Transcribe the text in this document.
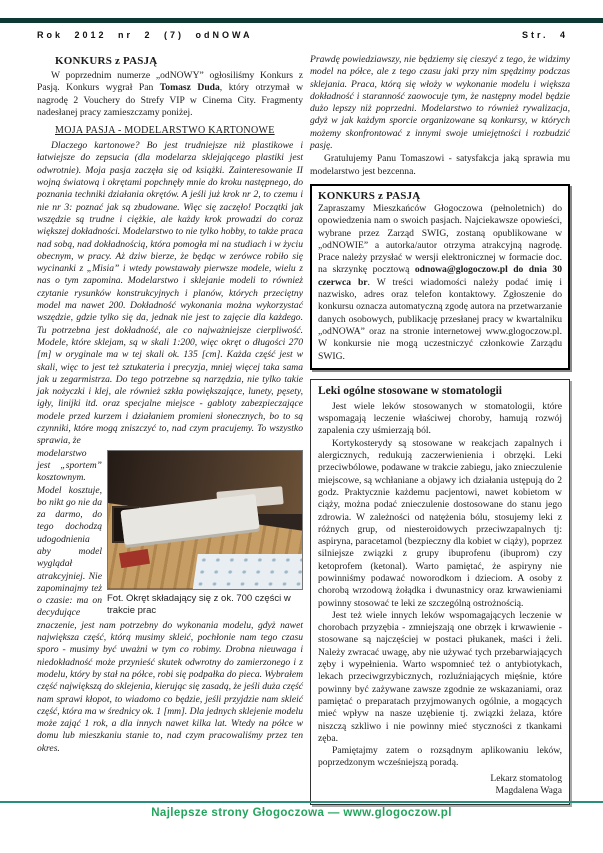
Rok 2012 nr 2 (7) odNOWA	Str. 4
KONKURS z PASJĄ

W poprzednim numerze „odNOWY” ogłosiliśmy Konkurs z Pasją. Konkurs wygrał Pan Tomasz Duda, który otrzymał w nagrodę 2 Vouchery do Strefy VIP w Cinema City. Fragmenty nadesłanej pracy zamieszczamy poniżej.

MOJA PASJA - MODELARSTWO KARTONOWE

Dlaczego kartonowe? Bo jest trudniejsze niż plastikowe i łatwiejsze do zepsucia (dla modelarza sklejającego plastiki jest odwrotnie). Moja pasja zaczęła się od książki. Zainteresowanie II wojną światową i okrętami popchnęły mnie do kroku następnego, do poznania techniki działania okrętów. A jeśli już krok nr 2, to czemu i nie nr 3: poznać jak są zbudowane. Więc się zaczęło! Początki jak wszędzie są trudne i ciężkie, ale każdy krok prowadzi do coraz większej dokładności. Modelarstwo to nie tylko hobby, to także praca nad sobą, nad dokładnością, która pomogła mi na studiach i w życiu obecnym, w pracy. Aż dziw bierze, że będąc w zerówce robiło się wycinanki z „Misia” i wtedy powstawały pierwsze modele, wielu z nas o tym zapomina. Modelarstwo i sklejanie modeli to również czytanie rysunków konstrukcyjnych i planów, których przeciętny model ma nawet 200. Dokładność wykonania można wykorzystać wszędzie, gdzie tylko się da, jednak nie jest to zajęcie dla każdego. Tu potrzebna jest dokładność, ale co najważniejsze cierpliwość. Modele, które sklejam, są w skali 1:200, więc okręt o długości 270 [m] w oryginale ma w tej skali ok. 135 [cm]. Każda część jest w skali, więc to jest też sztukateria i precyzja, mniej więcej taka sama jak u zegarmistrza. Do tego potrzebne są narzędzia, nie tylko takie jak nożyczki i klej, ale również szkła powiększające, lunety, pęsety, igły, linijki itd. oraz specjalne miejsce - gabloty zabezpieczające modele przed kurzem i działaniem promieni słonecznych, bo to są czynniki, które mogą zniszczyć to, nad czym pracujemy. To wszystko sprawia, że

Fot. Okręt składający się z ok. 700 części w trakcie prac

modelarstwo jest „sportem” kosztownym. Model kosztuje, bo nikt go nie da za darmo, do tego dochodzą udogodnienia aby model wyglądał atrakcyjniej. Nie zapominajmy też o czasie: ma on decydujące znaczenie, jest nam potrzebny do wykonania modelu, gdyż nawet największa część, którą musimy skleić, pochłonie nam tego czasu sporo - musimy być uważni w tym co robimy. Drobna nieuwaga i niedokładność może przynieść skutek odwrotny do zamierzonego i z modelu, który by stał na półce, robi się podpałka do pieca. Wybrałem część największą do sklejenia, kierując się zasadą, że jeśli duża część nam sprawi kłopot, to wiadomo co będzie, jeśli przyjdzie nam skleić część, która ma w średnicy ok. 1 [mm]. Dla jednych sklejenie modelu może zająć 1 rok, a dla innych nawet kilka lat. Wtedy na półce w domu lub mieszkaniu stanie to, nad czym pracowaliśmy przez ten okres.

Prawdę powiedziawszy, nie będziemy się cieszyć z tego, że widzimy model na półce, ale z tego czasu jaki przy nim spędzimy podczas sklejania. Praca, którą się włoży w wykonanie modelu i większa dokładność i staranność zaowocuje tym, że następny model będzie dużo lepszy niż poprzedni. Modelarstwo to również rywalizacja, gdyż w jak każdym sporcie organizowane są konkursy, w których możemy skonfrontować z innymi swoje umiejętności i rozbudzić pasję.

Gratulujemy Panu Tomaszowi - satysfakcja jaką sprawia mu modelarstwo jest bezcenna.

KONKURS z PASJĄ

Zapraszamy Mieszkańców Głogoczowa (pełnoletnich) do opowiedzenia nam o swoich pasjach. Najciekawsze opowieści, wybrane przez Zarząd SWIG, zostaną opublikowane w „odNOWIE” a autorka/autor otrzyma atrakcyjną nagrodę. Prace należy przysłać w wersji elektronicznej w formacie doc. na skrzynkę pocztową odnowa@glogoczow.pl do dnia 30 czerwca br. W treści wiadomości należy podać imię i nazwisko, adres oraz telefon kontaktowy. Zgłoszenie do konkursu oznacza automatyczną zgodę autora na przetwarzanie danych osobowych, publikację przesłanej pracy w kwartalniku „odNOWA” oraz na stronie internetowej www.glogoczow.pl. W konkursie nie mogą uczestniczyć członkowie Zarządu SWIG.

Leki ogólne stosowane w stomatologii

Jest wiele leków stosowanych w stomatologii, które wspomagają leczenie właściwej choroby, hamują rozwój zapalenia czy uśmierzają ból.

Kortykosterydy są stosowane w reakcjach zapalnych i alergicznych, redukują zaczerwienienia i obrzęki. Leki przeciwbólowe, podawane w trakcie zabiegu, jako znieczulenie miejscowe, są wchłaniane a objawy ich działania ustępują do 2 godz. Praktycznie każdemu pacjentowi, nawet kobietom w ciąży, można podać znieczulenie dostosowane do stanu jego zdrowia. W zależności od natężenia bólu, stosujemy leki z różnych grup, od niesteroidowych przeciwzapalnych tj: aspiryna, paracetamol (bezpieczny dla kobiet w ciąży), poprzez silniejsze związki z grupy ibuprofenu (ibuprom) czy ketoprofem (ketonal). Warto pamiętać, że aspiryny nie powinniśmy podawać noworodkom i dzieciom. A osoby z chorobą wrzodową żołądka i dwunastnicy oraz krwawieniami powinny stosować te leki ze szczególną ostrożnością.

Jest też wiele innych leków wspomagających leczenie w chorobach przyzębia - zmniejszają one obrzęk i krwawienie - stosowane są najczęściej w postaci płukanek, maści i żeli. Należy zwracać uwagę, aby nie używać tych przebarwiających zęby i wypełnienia. Warto wspomnieć też o antybiotykach, lekach przeciwgrzybicznych, rozluźniających mięśnie, które powinny być zażywane zawsze zgodnie ze wskazaniami, oraz pamiętać o preparatach przyjmowanych ogólnie, a mogących mieć wpływ na nasze uzębienie tj. związki żelaza, które niszczą szkliwo i nie powinny mieć styczności z tkankami zęba.

Pamiętajmy zatem o rozsądnym aplikowaniu leków, poprzedzonym wcześniejszą poradą.

Lekarz stomatolog
Magdalena Waga
Najlepsze strony Głogoczowa — www.glogoczow.pl
